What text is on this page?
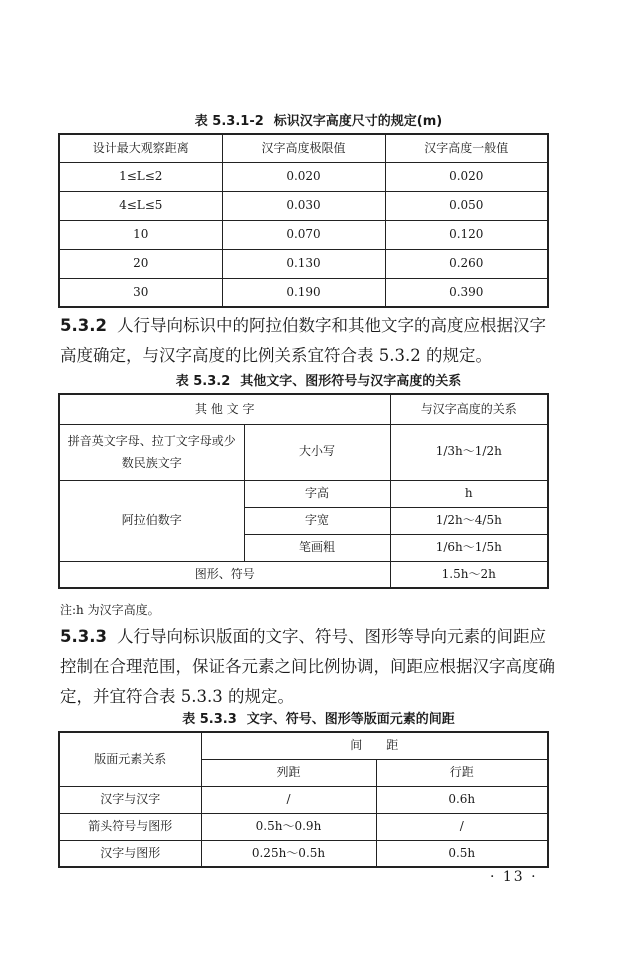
表 5.3.1-2 标识汉字高度尺寸的规定(m)
设计最大观察距离	汉字高度极限值	汉字高度一般值
1≤L≤2	0.020	0.020
4≤L≤5	0.030	0.050
10	0.070	0.120
20	0.130	0.260
30	0.190	0.390

5.3.2 人行导向标识中的阿拉伯数字和其他文字的高度应根据汉字高度确定，与汉字高度的比例关系宜符合表 5.3.2 的规定。

表 5.3.2 其他文字、图形符号与汉字高度的关系
其 他 文 字		与汉字高度的关系
拼音英文字母、拉丁文字母或少数民族文字	大小写	1/3h～1/2h
阿拉伯数字	字高	h
	字宽	1/2h～4/5h
	笔画粗	1/6h～1/5h
图形、符号		1.5h～2h
注:h 为汉字高度。

5.3.3 人行导向标识版面的文字、符号、图形等导向元素的间距应控制在合理范围，保证各元素之间比例协调，间距应根据汉字高度确定，并宜符合表 5.3.3 的规定。

表 5.3.3 文字、符号、图形等版面元素的间距
版面元素关系	间　　距	
	列距	行距
汉字与汉字	/	0.6h
箭头符号与图形	0.5h～0.9h	/
汉字与图形	0.25h～0.5h	0.5h
· 13 ·
